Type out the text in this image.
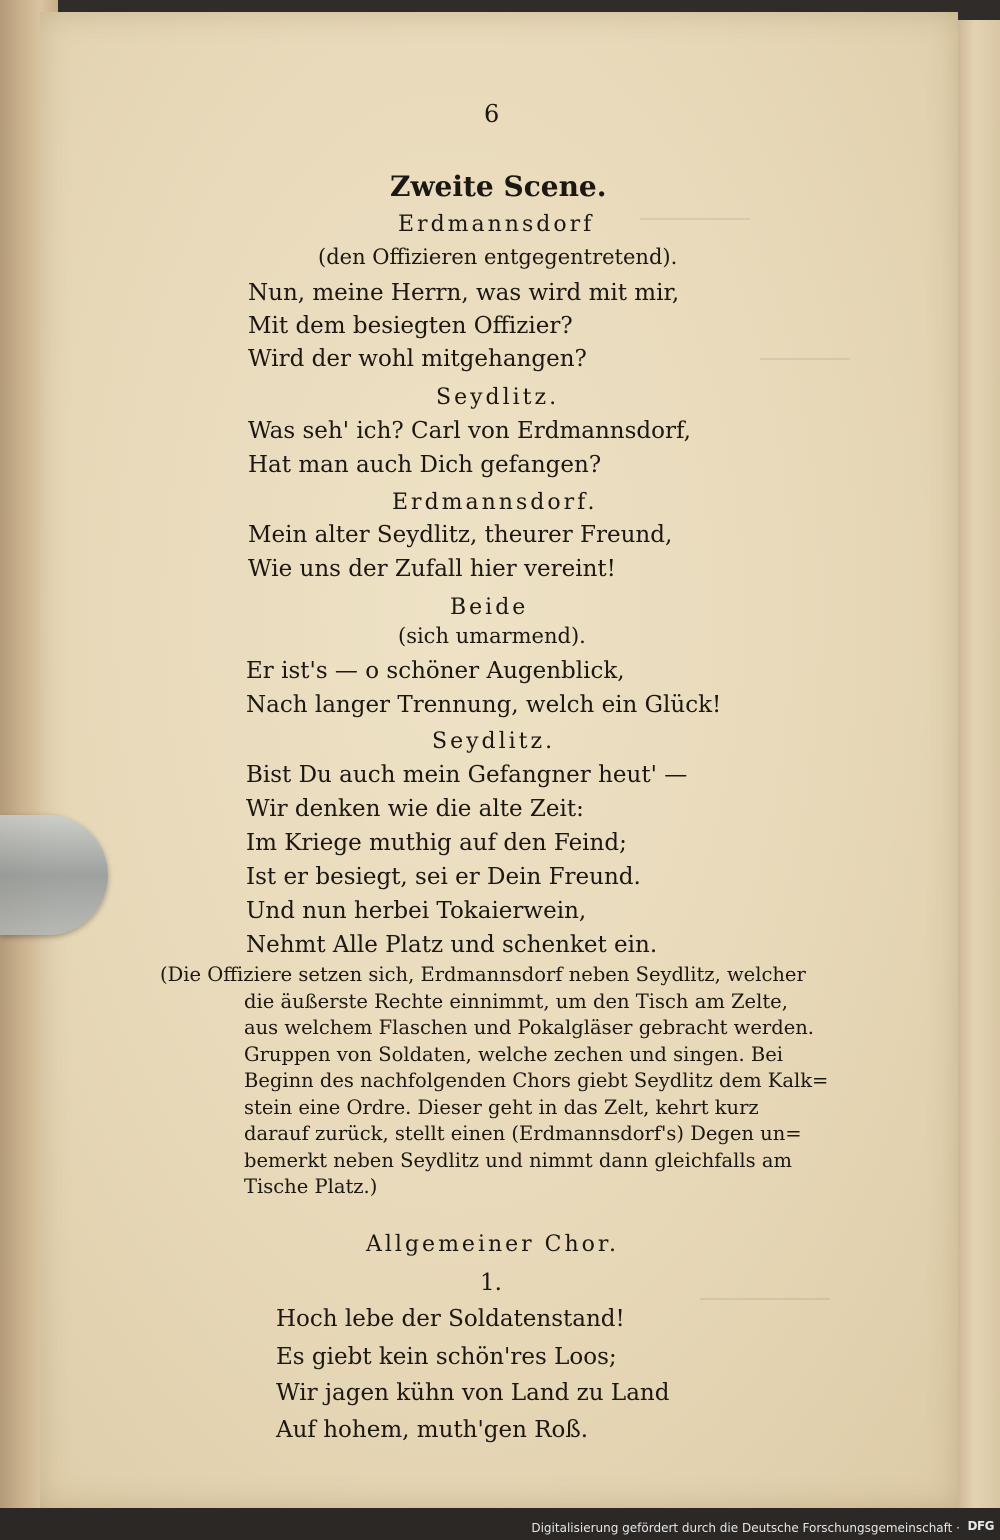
6
Zweite Scene.
Erdmannsdorf
(den Offizieren entgegentretend).
Nun, meine Herrn, was wird mit mir,
Mit dem besiegten Offizier?
Wird der wohl mitgehangen?
Seydlitz.
Was seh' ich? Carl von Erdmannsdorf,
Hat man auch Dich gefangen?
Erdmannsdorf.
Mein alter Seydlitz, theurer Freund,
Wie uns der Zufall hier vereint!
Beide
(sich umarmend).
Er ist's — o schöner Augenblick,
Nach langer Trennung, welch ein Glück!
Seydlitz.
Bist Du auch mein Gefangner heut' —
Wir denken wie die alte Zeit:
Im Kriege muthig auf den Feind;
Ist er besiegt, sei er Dein Freund.
Und nun herbei Tokaierwein,
Nehmt Alle Platz und schenket ein.
(Die Offiziere setzen sich, Erdmannsdorf neben Seydlitz, welcher
die äußerste Rechte einnimmt, um den Tisch am Zelte,
aus welchem Flaschen und Pokalgläser gebracht werden.
Gruppen von Soldaten, welche zechen und singen. Bei
Beginn des nachfolgenden Chors giebt Seydlitz dem Kalk=
stein eine Ordre. Dieser geht in das Zelt, kehrt kurz
darauf zurück, stellt einen (Erdmannsdorf's) Degen un=
bemerkt neben Seydlitz und nimmt dann gleichfalls am
Tische Platz.)
Allgemeiner Chor.
1.
Hoch lebe der Soldatenstand!
Es giebt kein schön'res Loos;
Wir jagen kühn von Land zu Land
Auf hohem, muth'gen Roß.
Digitalisierung gefördert durch die Deutsche Forschungsgemeinschaft · DFG
